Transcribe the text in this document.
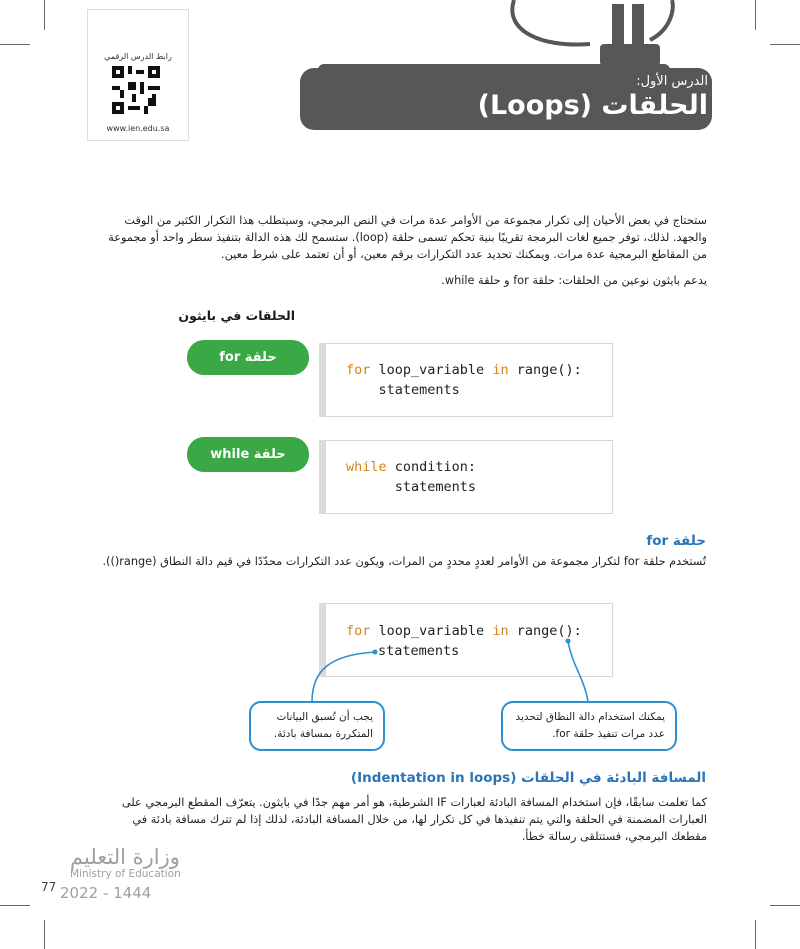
الدرس الأول:
الحلقات (Loops)
رابط الدرس الرقمي
www.ien.edu.sa
ستحتاج في بعض الأحيان إلى تكرار مجموعة من الأوامر عدة مرات في النص البرمجي، وسيتطلب هذا التكرار الكثير من الوقت والجهد. لذلك، توفر جميع لغات البرمجة تقريبًا بنية تحكم تسمى حلقة (loop). ستسمح لك هذه الدالة بتنفيذ سطر واحد أو مجموعة من المقاطع البرمجية عدة مرات. ويمكنك تحديد عدد التكرارات برقم معين، أو أن تعتمد على شرط معين.
يدعم بايثون نوعين من الحلقات: حلقة for و حلقة while.
الحلقات في بايثون
حلقة for
حلقة while
for loop_variable in range():
statements
while condition:
statements
حلقة for
تُستخدم حلقة for لتكرار مجموعة من الأوامر لعددٍ محددٍ من المرات، ويكون عدد التكرارات محدّدًا في قيم دالة النطاق (range()).
for loop_variable in range():
statements
يجب أن تُسبق البيانات المتكررة بمسافة بادئة.
يمكنك استخدام دالة النطاق لتحديد عدد مرات تنفيذ حلقة for.
المسافة البادئة في الحلقات (Indentation in loops)
كما تعلمت سابقًا، فإن استخدام المسافة البادئة لعبارات IF الشرطية، هو أمر مهم جدًا في بايثون. يتعرّف المقطع البرمجي على العبارات المضمنة في الحلقة والتي يتم تنفيذها في كل تكرار لها، من خلال المسافة البادئة، لذلك إذا لم تترك مسافة بادئة في مقطعك البرمجي، فستتلقى رسالة خطأ.
وزارة التعليم
Ministry of Education
2022 - 1444
77
